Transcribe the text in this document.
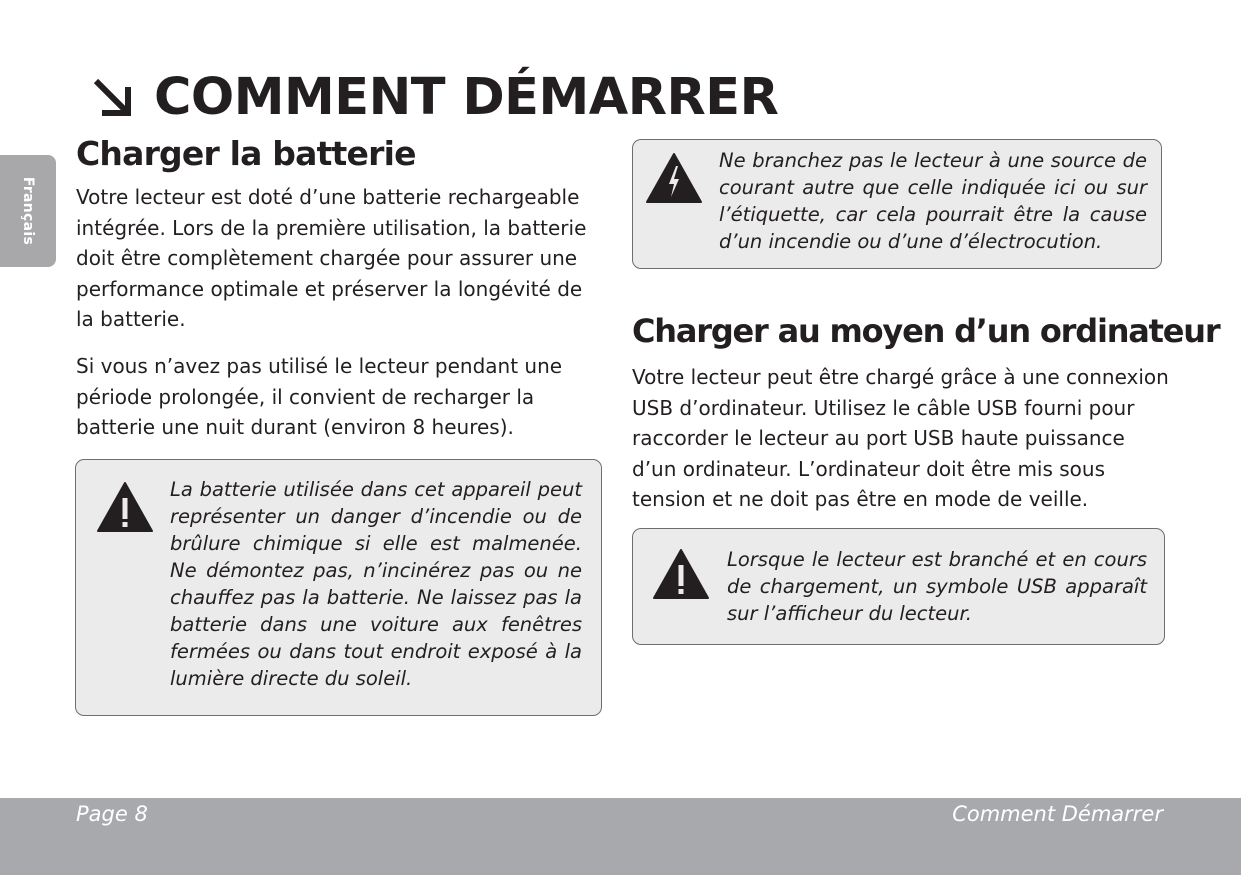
Français
COMMENT DÉMARRER
Charger la batterie

Votre lecteur est doté d’une batterie rechargeable intégrée. Lors de la première utilisation, la batterie doit être complètement chargée pour assurer une performance optimale et préserver la longévité de la batterie.

Si vous n’avez pas utilisé le lecteur pendant une période prolongée, il convient de recharger la batterie une nuit durant (environ 8 heures).

La batterie utilisée dans cet appareil peut représenter un danger d’incendie ou de brûlure chimique si elle est malmenée. Ne démontez pas, n’incinérez pas ou ne chauffez pas la batterie. Ne laissez pas la batterie dans une voiture aux fenêtres fermées ou dans tout endroit exposé à la lumière directe du soleil.

Ne branchez pas le lecteur à une source de courant autre que celle indiquée ici ou sur l’étiquette, car cela pourrait être la cause d’un incendie ou d’une d’électrocution.

Charger au moyen d’un ordinateur

Votre lecteur peut être chargé grâce à une connexion USB d’ordinateur. Utilisez le câble USB fourni pour raccorder le lecteur au port USB haute puissance d’un ordinateur. L’ordinateur doit être mis sous tension et ne doit pas être en mode de veille.

Lorsque le lecteur est branché et en cours de chargement, un symbole USB apparaît sur l’afficheur du lecteur.

Page 8	Comment Démarrer
